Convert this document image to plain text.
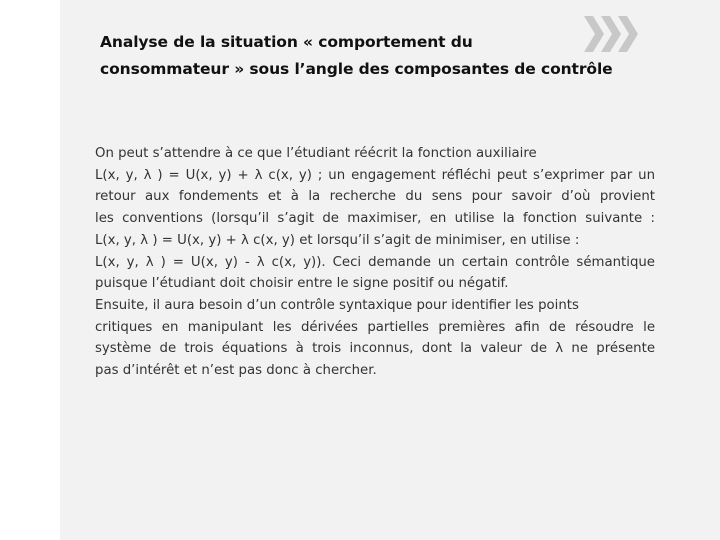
Analyse de la situation « comportement du
consommateur » sous l’angle des composantes de contrôle
On peut s’attendre à ce que l’étudiant réécrit la fonction auxiliaire
L(x, y, λ ) = U(x, y) + λ c(x, y) ; un engagement réfléchi peut s’exprimer par un
retour aux fondements et à la recherche du sens pour savoir d’où provient
les conventions (lorsqu’il s’agit de maximiser, en utilise la fonction suivante :
L(x, y, λ ) = U(x, y) + λ c(x, y) et lorsqu’il s’agit de minimiser, en utilise :
L(x, y, λ ) = U(x, y) - λ c(x, y)). Ceci demande un certain contrôle sémantique
puisque l’étudiant doit choisir entre le signe positif ou négatif.
Ensuite, il aura besoin d’un contrôle syntaxique pour identifier les points
critiques en manipulant les dérivées partielles premières afin de résoudre le
système de trois équations à trois inconnus, dont la valeur de λ ne présente
pas d’intérêt et n’est pas donc à chercher.
